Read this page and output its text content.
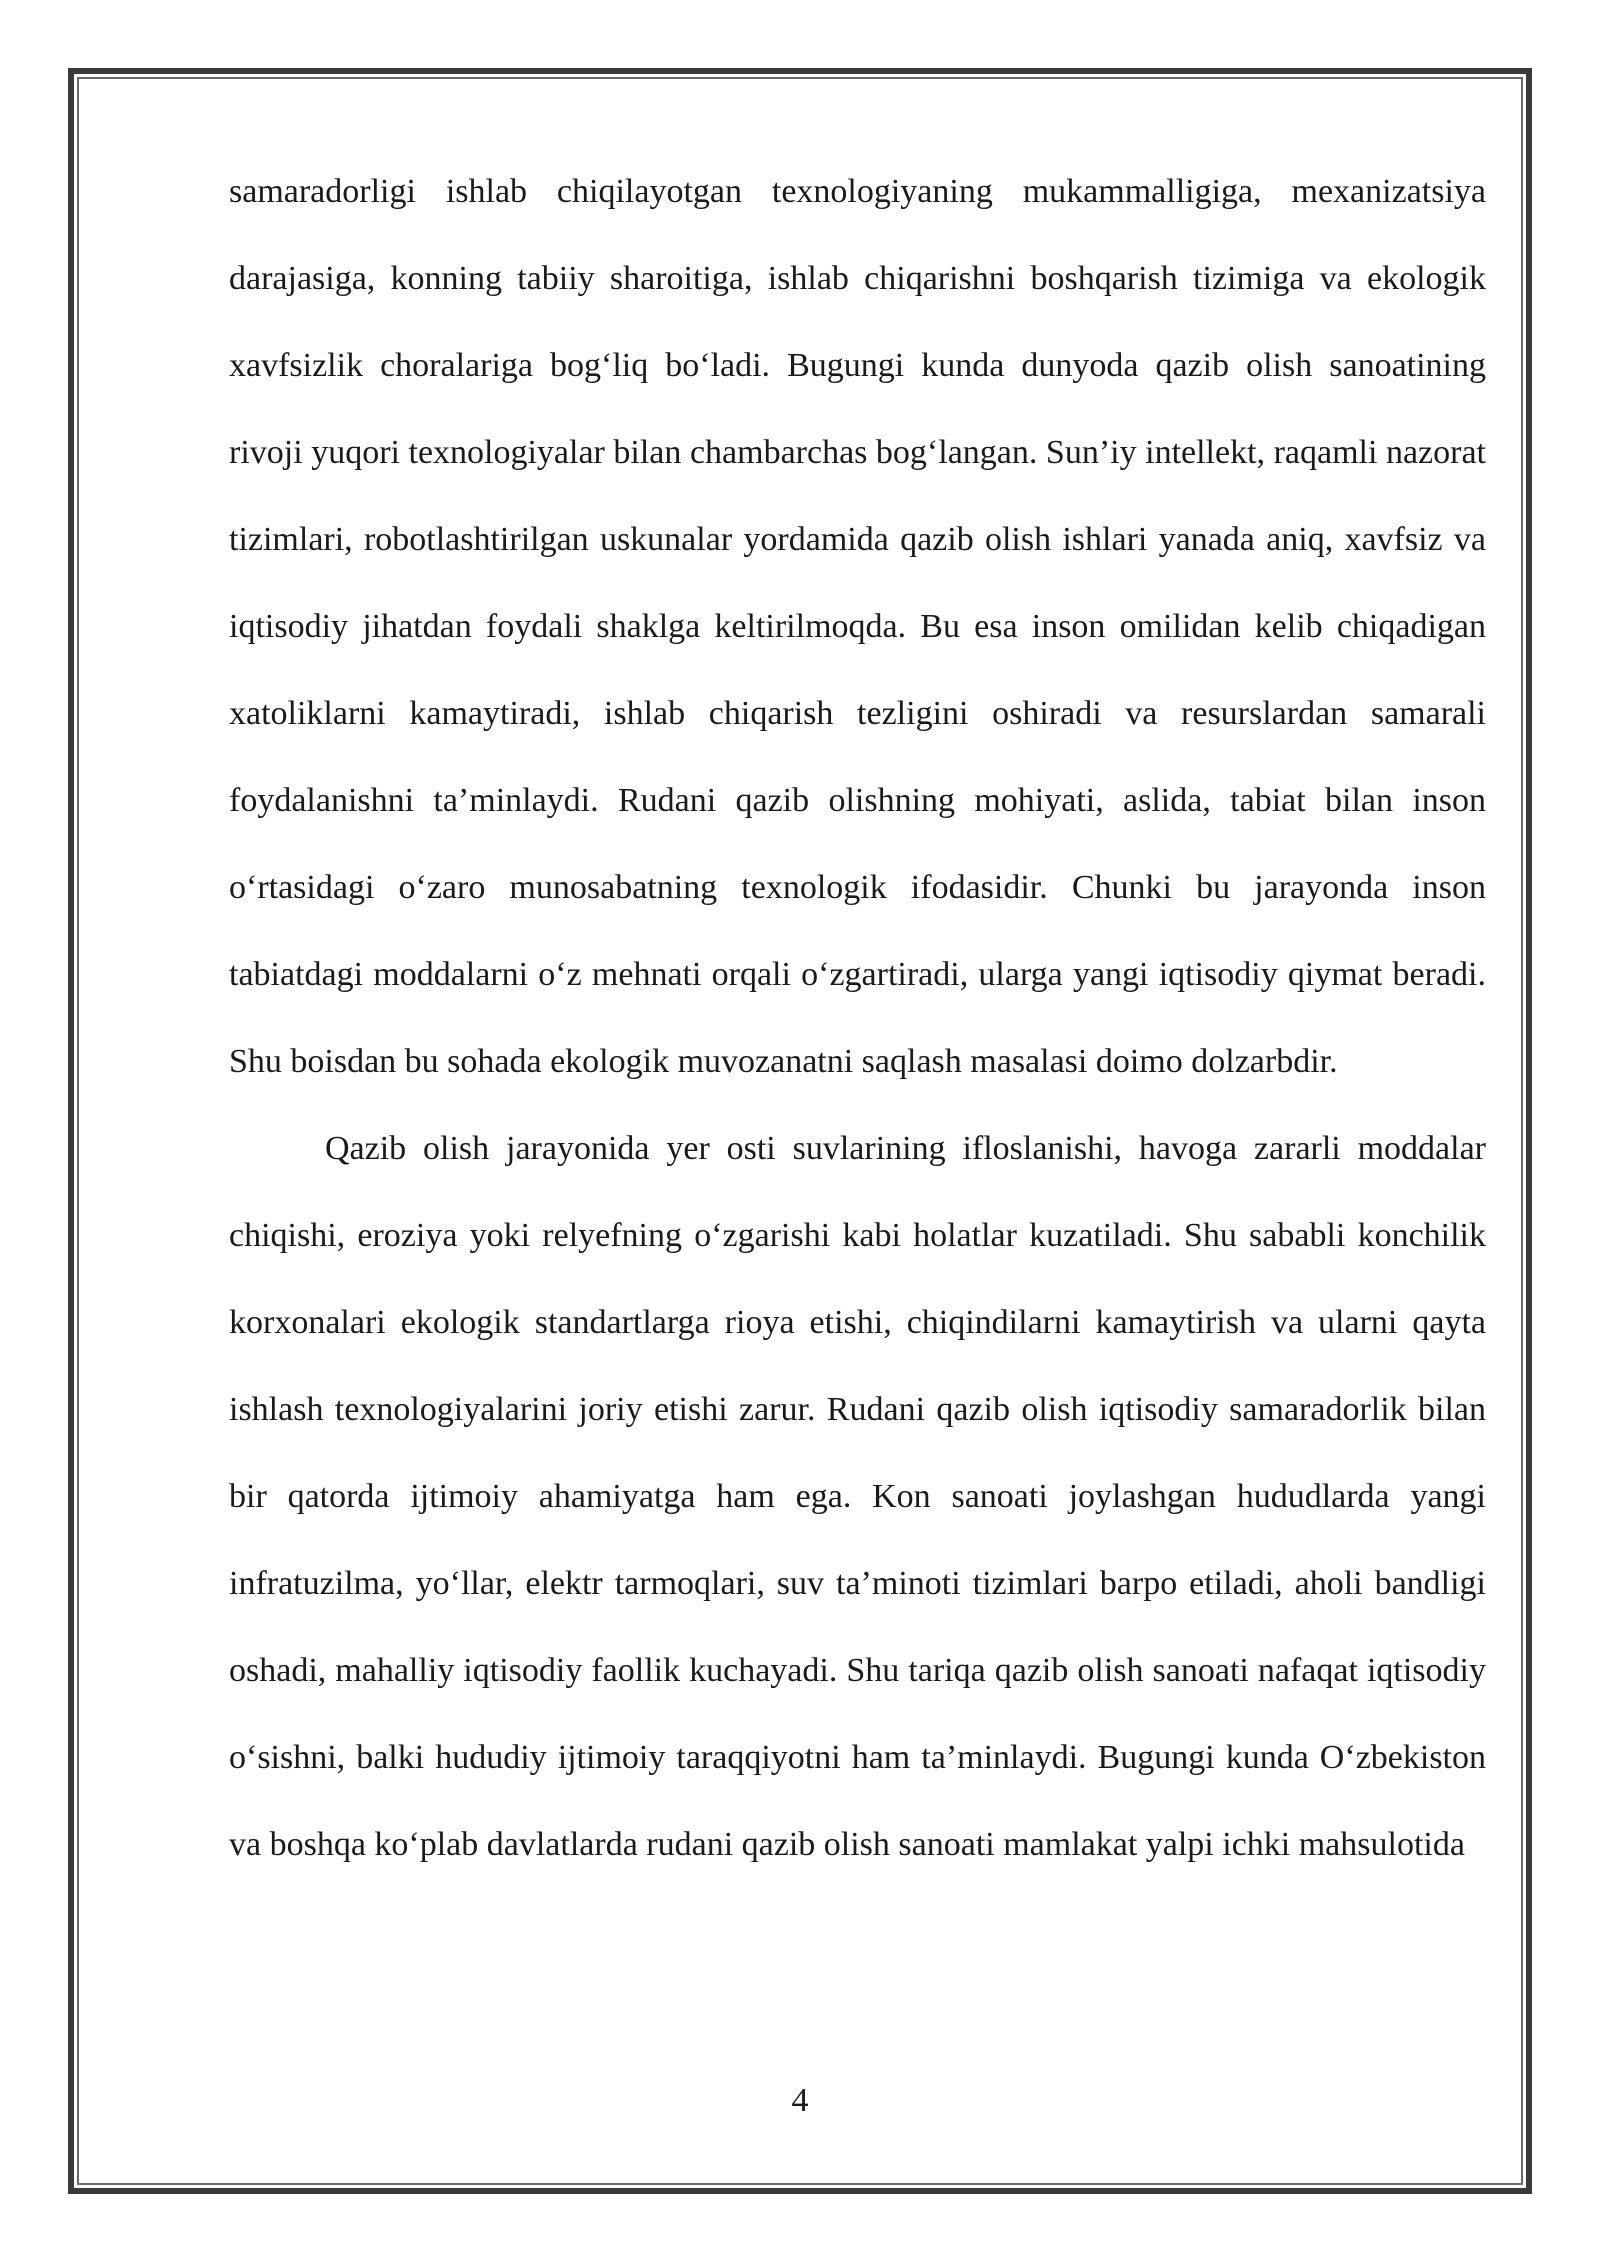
samaradorligi ishlab chiqilayotgan texnologiyaning mukammalligiga, mexanizatsiya darajasiga, konning tabiiy sharoitiga, ishlab chiqarishni boshqarish tizimiga va ekologik xavfsizlik choralariga bog‘liq bo‘ladi. Bugungi kunda dunyoda qazib olish sanoatining rivoji yuqori texnologiyalar bilan chambarchas bog‘langan. Sun’iy intellekt, raqamli nazorat tizimlari, robotlashtirilgan uskunalar yordamida qazib olish ishlari yanada aniq, xavfsiz va iqtisodiy jihatdan foydali shaklga keltirilmoqda. Bu esa inson omilidan kelib chiqadigan xatoliklarni kamaytiradi, ishlab chiqarish tezligini oshiradi va resurslardan samarali foydalanishni ta’minlaydi. Rudani qazib olishning mohiyati, aslida, tabiat bilan inson o‘rtasidagi o‘zaro munosabatning texnologik ifodasidir. Chunki bu jarayonda inson tabiatdagi moddalarni o‘z mehnati orqali o‘zgartiradi, ularga yangi iqtisodiy qiymat beradi. Shu boisdan bu sohada ekologik muvozanatni saqlash masalasi doimo dolzarbdir.

Qazib olish jarayonida yer osti suvlarining ifloslanishi, havoga zararli moddalar chiqishi, eroziya yoki relyefning o‘zgarishi kabi holatlar kuzatiladi. Shu sababli konchilik korxonalari ekologik standartlarga rioya etishi, chiqindilarni kamaytirish va ularni qayta ishlash texnologiyalarini joriy etishi zarur. Rudani qazib olish iqtisodiy samaradorlik bilan bir qatorda ijtimoiy ahamiyatga ham ega. Kon sanoati joylashgan hududlarda yangi infratuzilma, yo‘llar, elektr tarmoqlari, suv ta’minoti tizimlari barpo etiladi, aholi bandligi oshadi, mahalliy iqtisodiy faollik kuchayadi. Shu tariqa qazib olish sanoati nafaqat iqtisodiy o‘sishni, balki hududiy ijtimoiy taraqqiyotni ham ta’minlaydi. Bugungi kunda O‘zbekiston va boshqa ko‘plab davlatlarda rudani qazib olish sanoati mamlakat yalpi ichki mahsulotida

4
